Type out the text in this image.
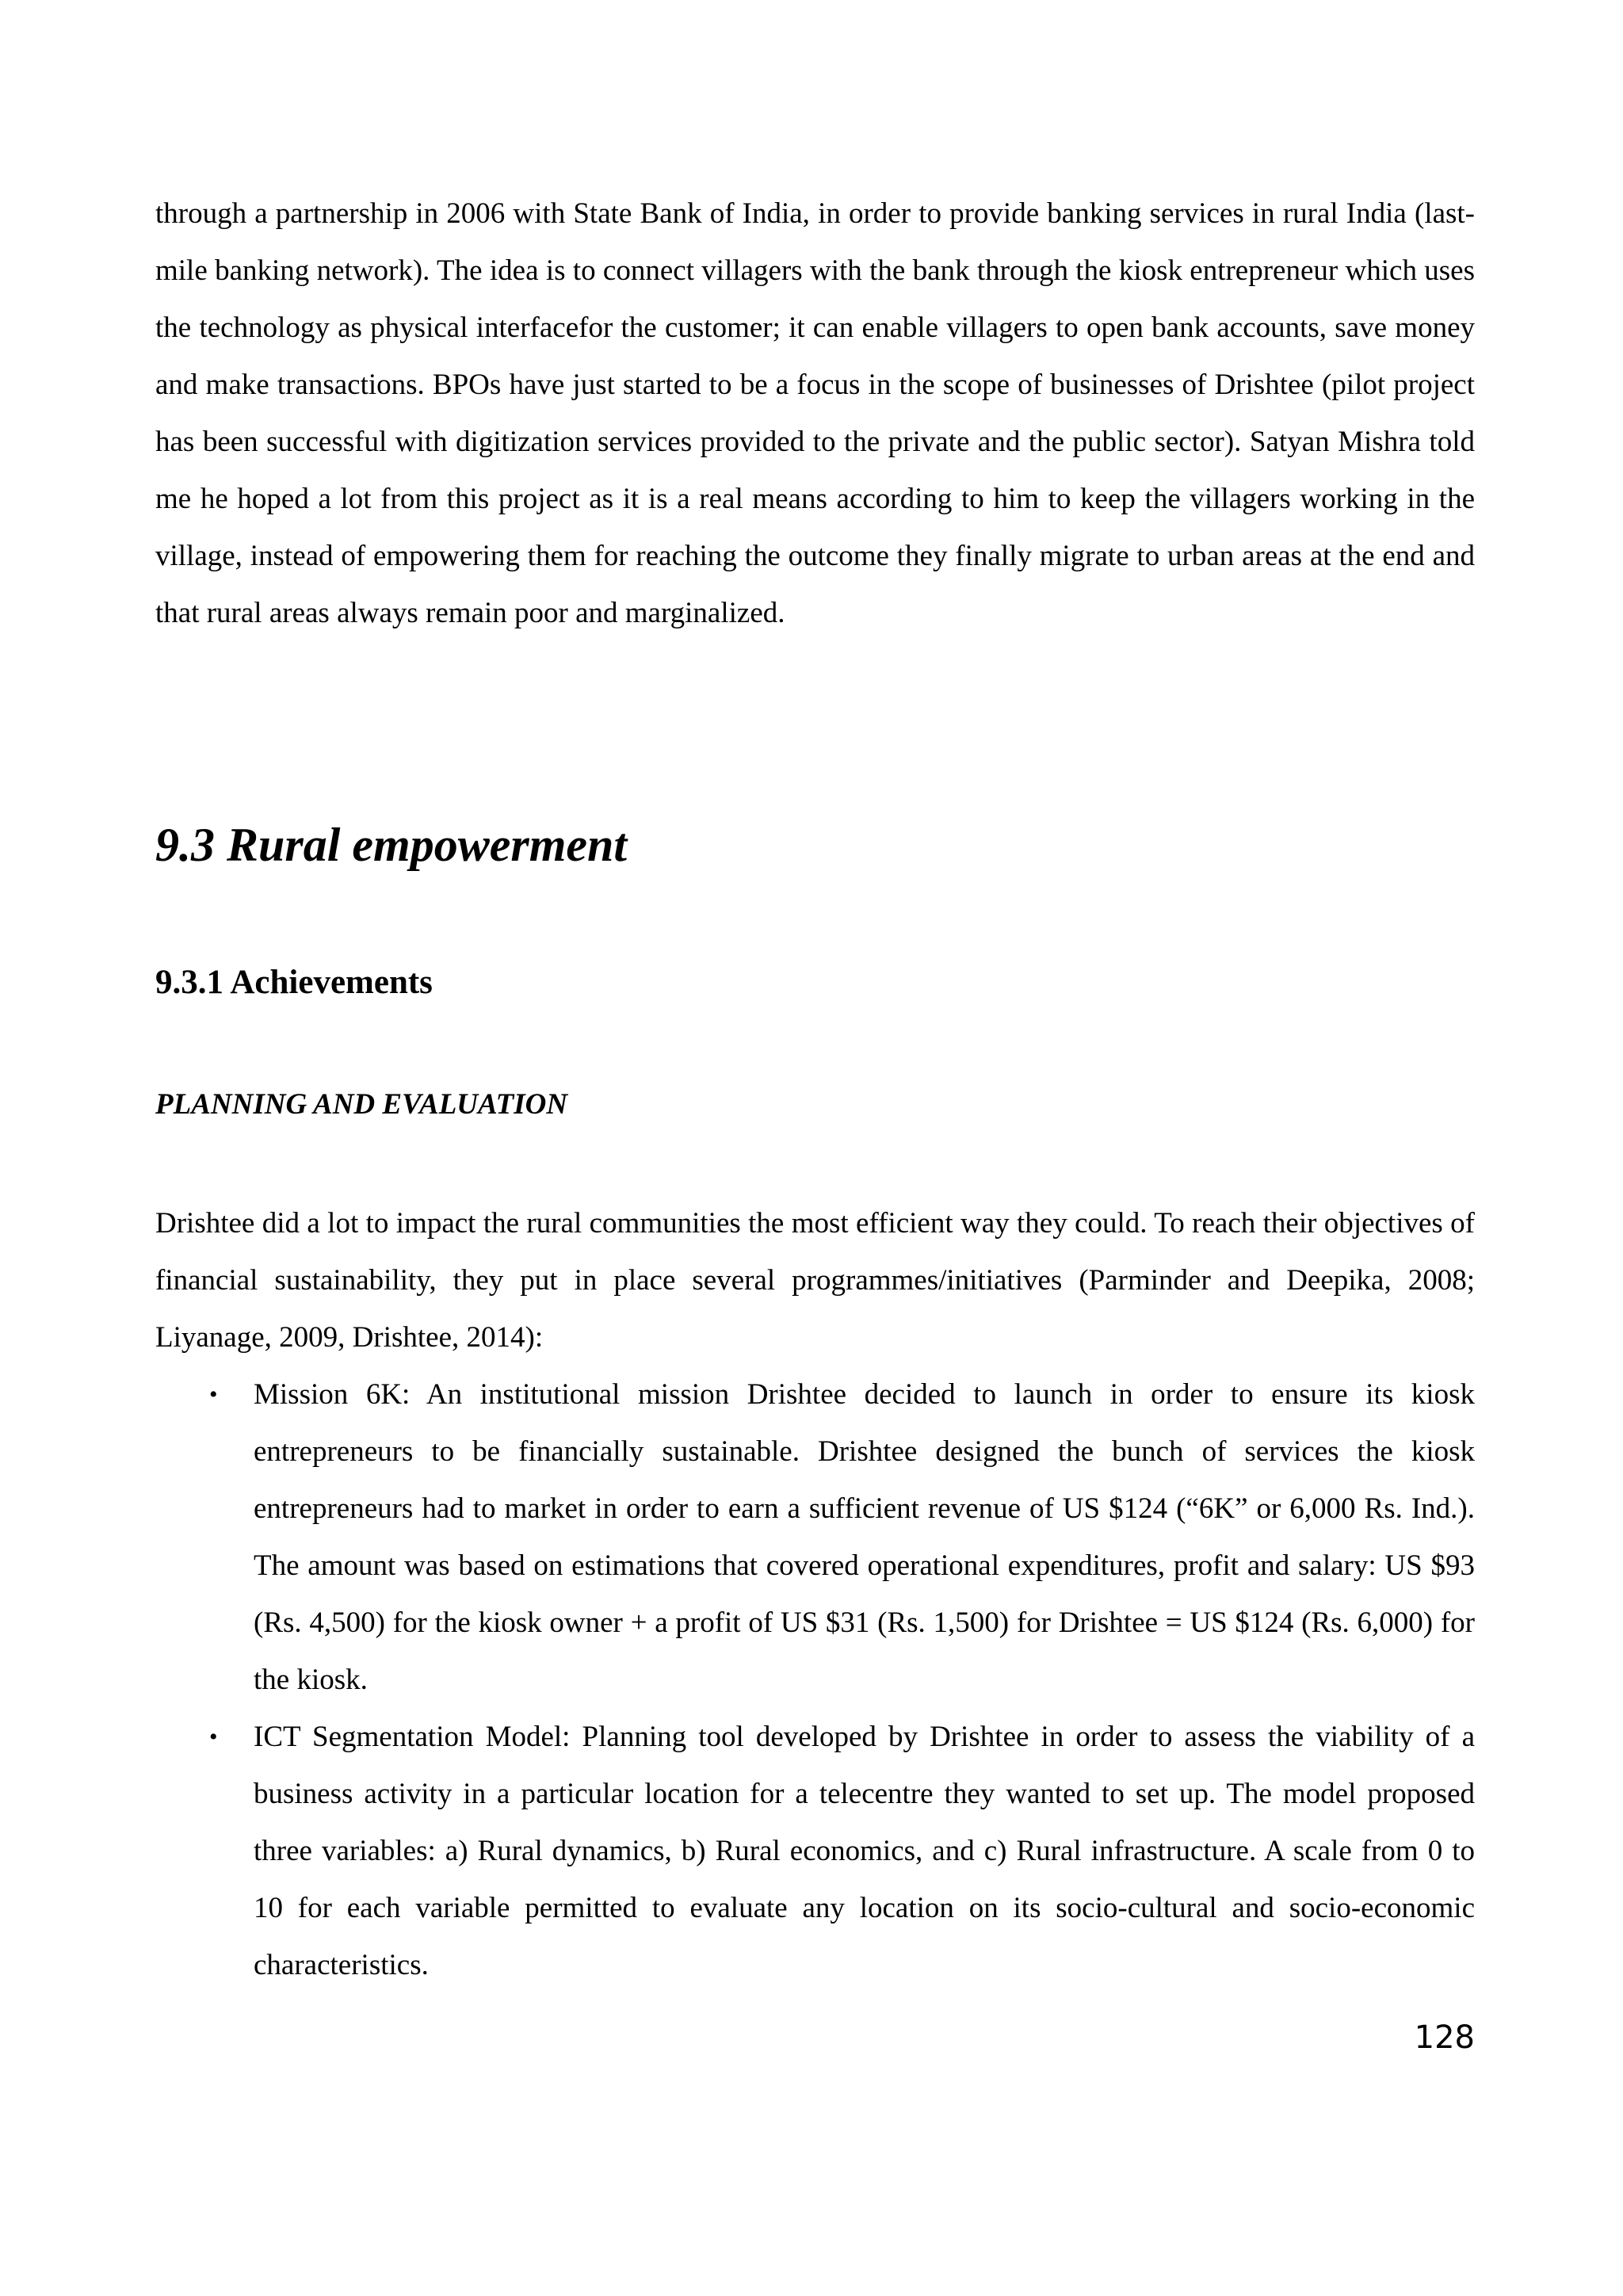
through a partnership in 2006 with State Bank of India, in order to provide banking services in rural India (last-mile banking network). The idea is to connect villagers with the bank through the kiosk entrepreneur which uses the technology as physical interfacefor the customer; it can enable villagers to open bank accounts, save money and make transactions. BPOs have just started to be a focus in the scope of businesses of Drishtee (pilot project has been successful with digitization services provided to the private and the public sector). Satyan Mishra told me he hoped a lot from this project as it is a real means according to him to keep the villagers working in the village, instead of empowering them for reaching the outcome they finally migrate to urban areas at the end and that rural areas always remain poor and marginalized.

9.3 Rural empowerment
9.3.1 Achievements
PLANNING AND EVALUATION

Drishtee did a lot to impact the rural communities the most efficient way they could. To reach their objectives of financial sustainability, they put in place several programmes/initiatives (Parminder and Deepika, 2008; Liyanage, 2009, Drishtee, 2014):

• Mission 6K: An institutional mission Drishtee decided to launch in order to ensure its kiosk entrepreneurs to be financially sustainable. Drishtee designed the bunch of services the kiosk entrepreneurs had to market in order to earn a sufficient revenue of US $124 (“6K” or 6,000 Rs. Ind.). The amount was based on estimations that covered operational expenditures, profit and salary: US $93 (Rs. 4,500) for the kiosk owner + a profit of US $31 (Rs. 1,500) for Drishtee = US $124 (Rs. 6,000) for the kiosk.
• ICT Segmentation Model: Planning tool developed by Drishtee in order to assess the viability of a business activity in a particular location for a telecentre they wanted to set up. The model proposed three variables: a) Rural dynamics, b) Rural economics, and c) Rural infrastructure. A scale from 0 to 10 for each variable permitted to evaluate any location on its socio-cultural and socio-economic characteristics.
128
